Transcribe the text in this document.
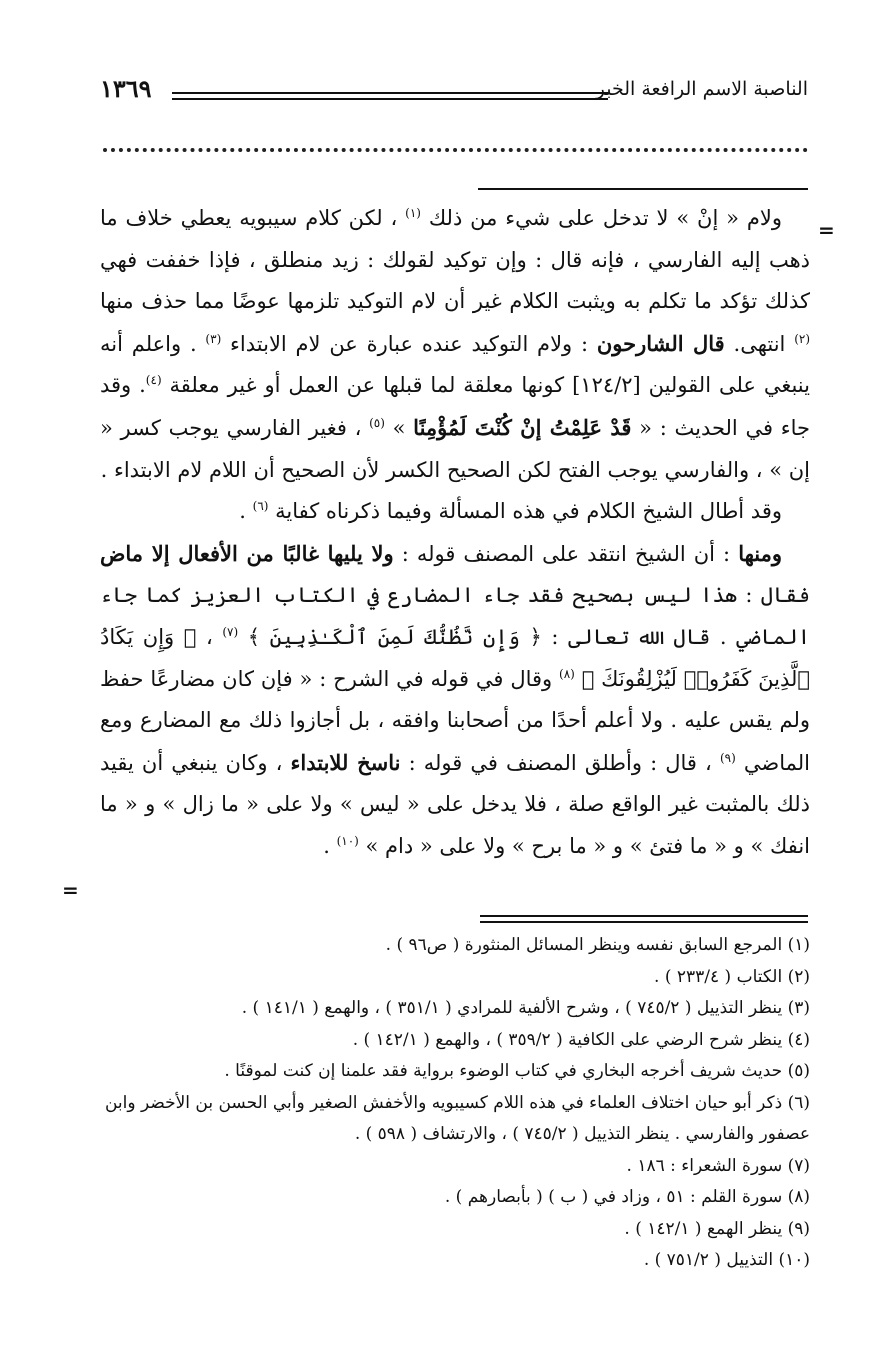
الناصبة الاسم الرافعة الخبر
١٣٦٩
=
=

ولام « إنْ » لا تدخل على شيء من ذلك $^{(١)}$ ، لكن كلام سيبويه يعطي خلاف ما ذهب إليه الفارسي ، فإنه قال : وإن توكيد لقولك : زيد منطلق ، فإذا خففت فهي كذلك تؤكد ما تكلم به ويثبت الكلام غير أن لام التوكيد تلزمها عوضًا مما حذف منها $^{(٢)}$ انتهى. قال الشارحون : ولام التوكيد عنده عبارة عن لام الابتداء $^{(٣)}$ . واعلم أنه ينبغي على القولين [١٢٤/٢] كونها معلقة لما قبلها عن العمل أو غير معلقة $^{(٤)}$. وقد جاء في الحديث : « قَدْ عَلِمْتُ إنْ كُنْتَ لَمُؤْمِنًا » $^{(٥)}$ ، فغير الفارسي يوجب كسر « إن » ، والفارسي يوجب الفتح لكن الصحيح الكسر لأن الصحيح أن اللام لام الابتداء .

وقد أطال الشيخ الكلام في هذه المسألة وفيما ذكرناه كفاية $^{(٦)}$ .

ومنها : أن الشيخ انتقد على المصنف قوله : ولا يليها غالبًا من الأفعال إلا ماض فقال : هذا ليس بصحيح فقد جاء المضارع في الكتاب العزيز كما جاء الماضي . قال الله تعالى : ﴿ وَإِن نَّظُنُّكَ لَمِنَ ٱلْكَـٰذِبِينَ ﴾ $^{(٧)}$ ، ﴿ وَإِن يَكَادُ ٱلَّذِينَ كَفَرُوا۟ لَيُزْلِقُونَكَ ﴾ $^{(٨)}$ وقال في قوله في الشرح : « فإن كان مضارعًا حفظ ولم يقس عليه . ولا أعلم أحدًا من أصحابنا وافقه ، بل أجازوا ذلك مع المضارع ومع الماضي $^{(٩)}$ ، قال : وأطلق المصنف في قوله : ناسخ للابتداء ، وكان ينبغي أن يقيد ذلك بالمثبت غير الواقع صلة ، فلا يدخل على « ليس » ولا على « ما زال » و « ما انفك » و « ما فتئ » و « ما برح » ولا على « دام » $^{(١٠)}$ .

(١) المرجع السابق نفسه وينظر المسائل المنثورة ( ص٩٦ ) .

(٢) الكتاب ( ٢٣٣/٤ ) .

(٣) ينظر التذييل ( ٧٤٥/٢ ) ، وشرح الألفية للمرادي ( ٣٥١/١ ) ، والهمع ( ١٤١/١ ) .

(٤) ينظر شرح الرضي على الكافية ( ٣٥٩/٢ ) ، والهمع ( ١٤٢/١ ) .

(٥) حديث شريف أخرجه البخاري في كتاب الوضوء برواية فقد علمنا إن كنت لموقنًا .

(٦) ذكر أبو حيان اختلاف العلماء في هذه اللام كسيبويه والأخفش الصغير وأبي الحسن بن الأخضر وابن عصفور والفارسي . ينظر التذييل ( ٧٤٥/٢ ) ، والارتشاف ( ٥٩٨ ) .

(٧) سورة الشعراء : ١٨٦ .

(٨) سورة القلم : ٥١ ، وزاد في ( ب ) ( بأبصارهم ) .

(٩) ينظر الهمع ( ١٤٢/١ ) .

(١٠) التذييل ( ٧٥١/٢ ) .
